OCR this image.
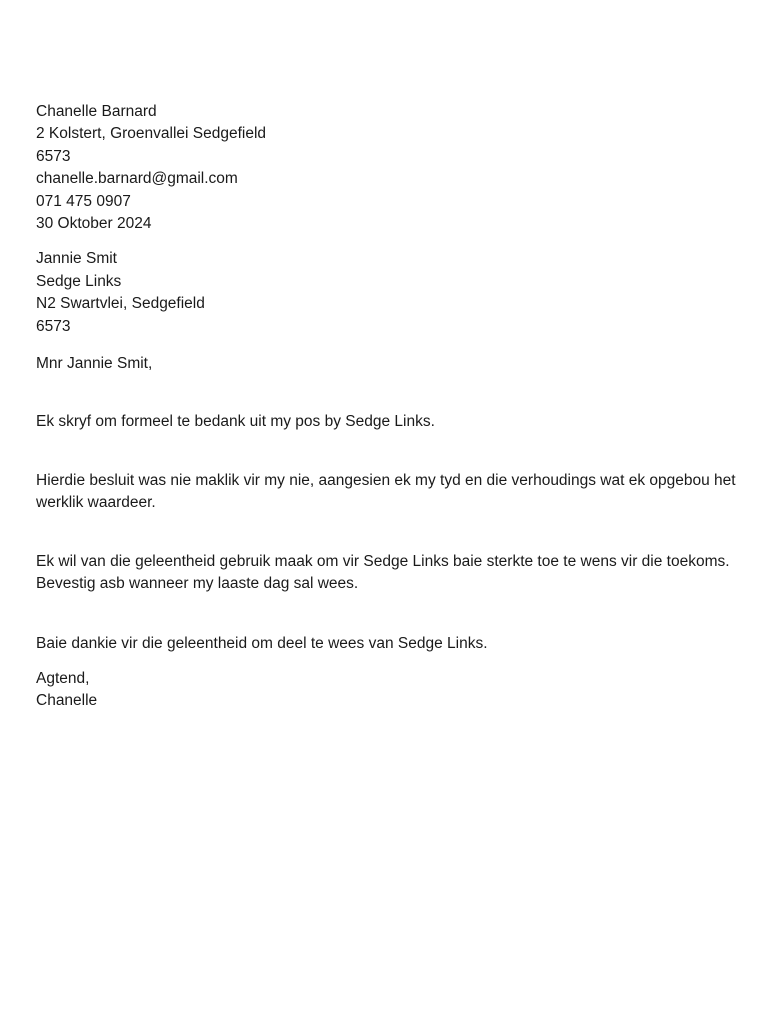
Chanelle Barnard
2 Kolstert, Groenvallei Sedgefield
6573
chanelle.barnard@gmail.com
071 475 0907
30 Oktober 2024
Jannie Smit
Sedge Links
N2 Swartvlei, Sedgefield
6573
Mnr Jannie Smit,
Ek skryf om formeel te bedank uit my pos by Sedge Links.
Hierdie besluit was nie maklik vir my nie, aangesien ek my tyd en die verhoudings wat ek opgebou het werklik waardeer.
Ek wil van die geleentheid gebruik maak om vir Sedge Links baie sterkte toe te wens vir die toekoms. Bevestig asb wanneer my laaste dag sal wees.
Baie dankie vir die geleentheid om deel te wees van Sedge Links.
Agtend,
Chanelle
